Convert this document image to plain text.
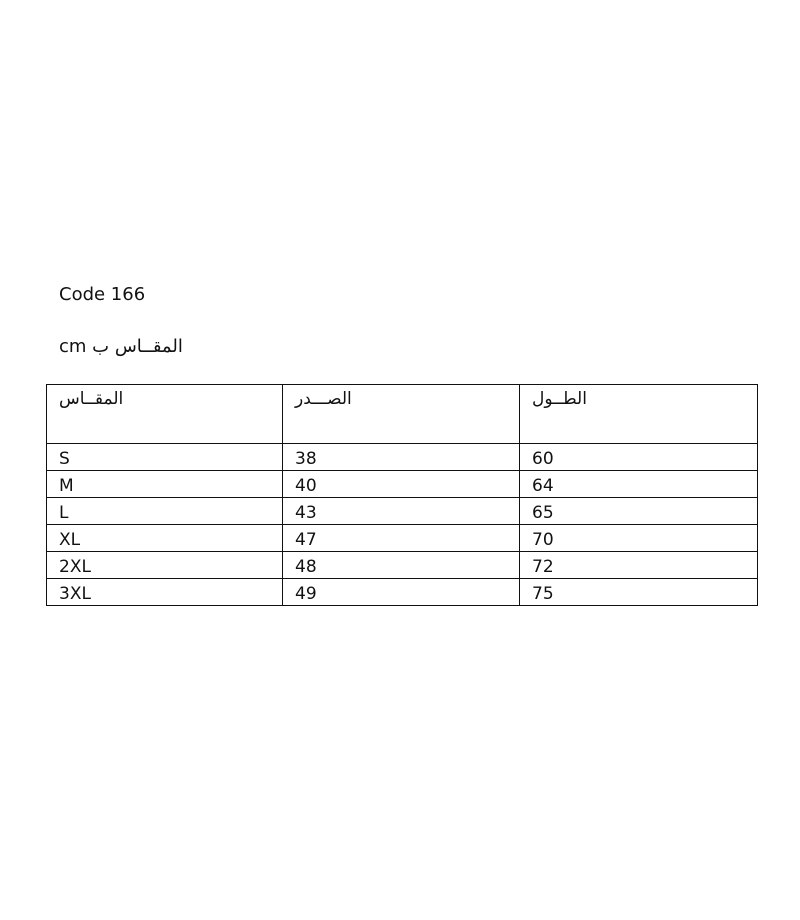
Code 166
المقــاس ب cm
المقــاس	الصـــدر	الطــول

S	38	60
M	40	64
L	43	65
XL	47	70
2XL	48	72
3XL	49	75
